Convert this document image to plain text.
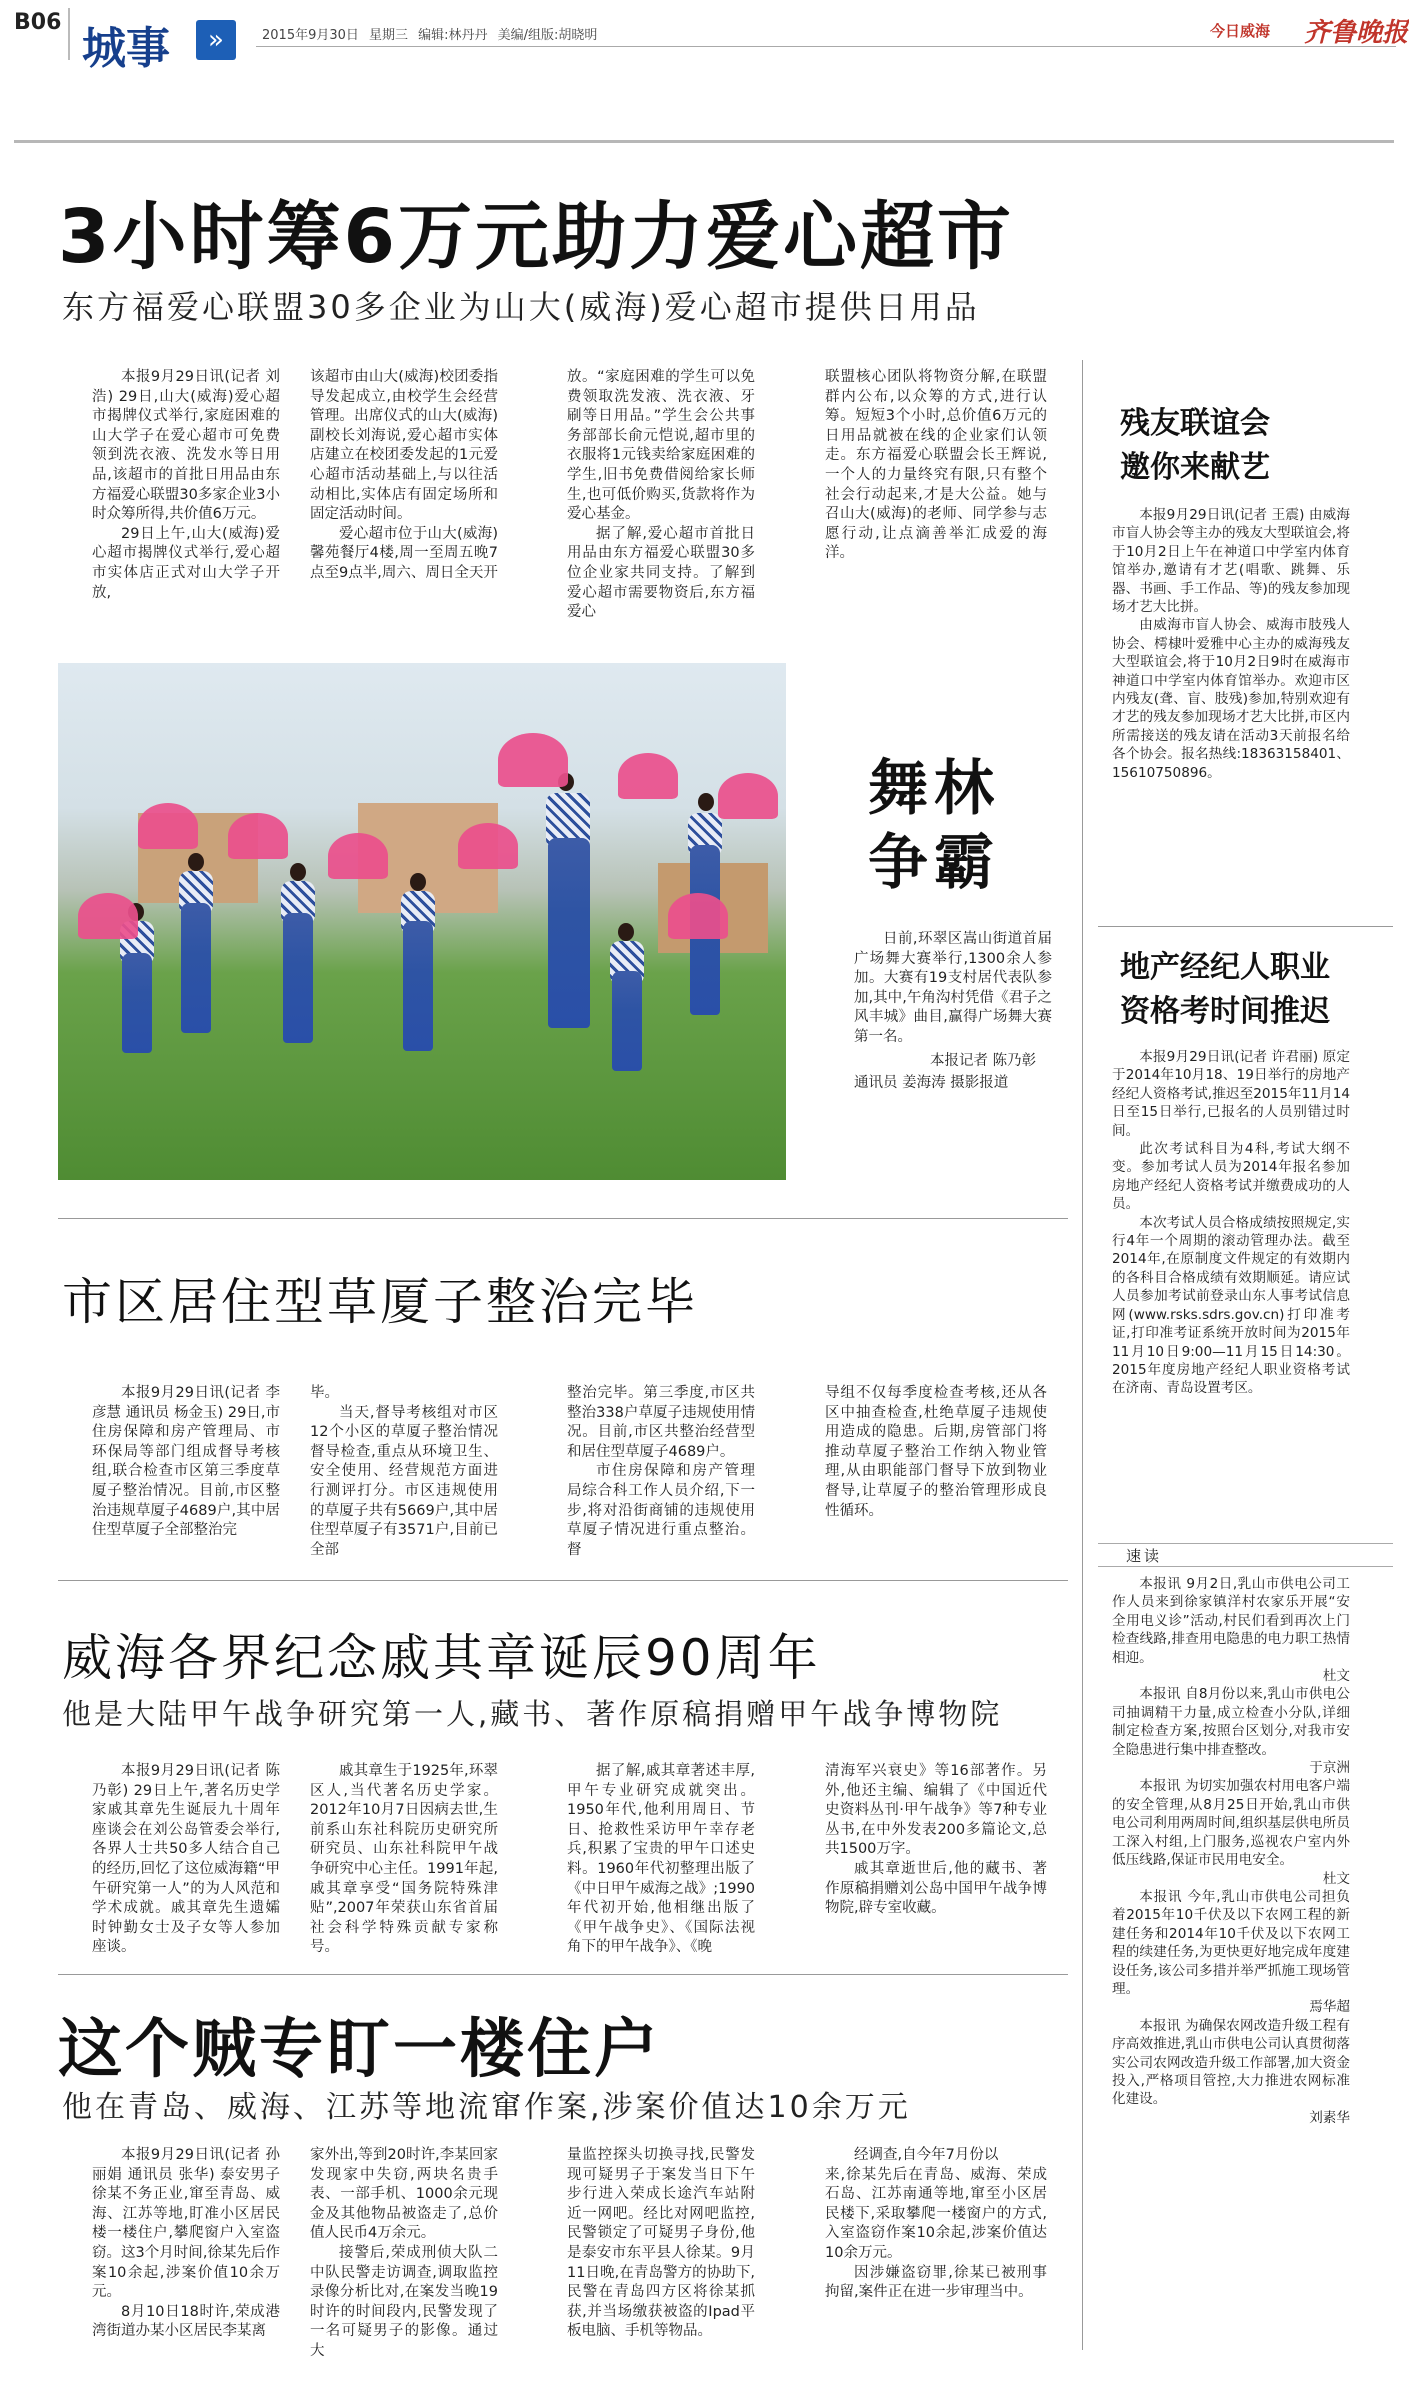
B06
城事	»	2015年9月30日 星期三 编辑:林丹丹 美编/组版:胡晓明	今日威海 齐鲁晚报
3小时筹6万元助力爱心超市
东方福爱心联盟30多企业为山大(威海)爱心超市提供日用品

本报9月29日讯(记者 刘浩) 29日,山大(威海)爱心超市揭牌仪式举行,家庭困难的山大学子在爱心超市可免费领到洗衣液、洗发水等日用品,该超市的首批日用品由东方福爱心联盟30多家企业3小时众筹所得,共价值6万元。

29日上午,山大(威海)爱心超市揭牌仪式举行,爱心超市实体店正式对山大学子开放,

该超市由山大(威海)校团委指导发起成立,由校学生会经营管理。出席仪式的山大(威海)副校长刘海说,爱心超市实体店建立在校团委发起的1元爱心超市活动基础上,与以往活动相比,实体店有固定场所和固定活动时间。

爱心超市位于山大(威海)馨苑餐厅4楼,周一至周五晚7点至9点半,周六、周日全天开

放。“家庭困难的学生可以免费领取洗发液、洗衣液、牙刷等日用品。”学生会公共事务部部长俞元恺说,超市里的衣服将1元钱卖给家庭困难的学生,旧书免费借阅给家长师生,也可低价购买,货款将作为爱心基金。

据了解,爱心超市首批日用品由东方福爱心联盟30多位企业家共同支持。了解到爱心超市需要物资后,东方福爱心

联盟核心团队将物资分解,在联盟群内公布,以众筹的方式,进行认筹。短短3个小时,总价值6万元的日用品就被在线的企业家们认领走。东方福爱心联盟会长王辉说,一个人的力量终究有限,只有整个社会行动起来,才是大公益。她与召山大(威海)的老师、同学参与志愿行动,让点滴善举汇成爱的海洋。

舞林
争霸

日前,环翠区嵩山街道首届广场舞大赛举行,1300余人参加。大赛有19支村居代表队参加,其中,午角沟村凭借《君子之风丰城》曲目,赢得广场舞大赛第一名。

本报记者 陈乃彰
通讯员 姜海涛 摄影报道
市区居住型草厦子整治完毕

本报9月29日讯(记者 李彦慧 通讯员 杨金玉) 29日,市住房保障和房产管理局、市环保局等部门组成督导考核组,联合检查市区第三季度草厦子整治情况。目前,市区整治违规草厦子4689户,其中居住型草厦子全部整治完

毕。

当天,督导考核组对市区12个小区的草厦子整治情况督导检查,重点从环境卫生、安全使用、经营规范方面进行测评打分。市区违规使用的草厦子共有5669户,其中居住型草厦子有3571户,目前已全部

整治完毕。第三季度,市区共整治338户草厦子违规使用情况。目前,市区共整治经营型和居住型草厦子4689户。

市住房保障和房产管理局综合科工作人员介绍,下一步,将对沿街商铺的违规使用草厦子情况进行重点整治。督

导组不仅每季度检查考核,还从各区中抽查检查,杜绝草厦子违规使用造成的隐患。后期,房管部门将推动草厦子整治工作纳入物业管理,从由职能部门督导下放到物业督导,让草厦子的整治管理形成良性循环。

威海各界纪念戚其章诞辰90周年
他是大陆甲午战争研究第一人,藏书、著作原稿捐赠甲午战争博物院

本报9月29日讯(记者 陈乃彰) 29日上午,著名历史学家戚其章先生诞辰九十周年座谈会在刘公岛管委会举行,各界人士共50多人结合自己的经历,回忆了这位威海籍“甲午研究第一人”的为人风范和学术成就。戚其章先生遗孀时钟勤女士及子女等人参加座谈。

戚其章生于1925年,环翠区人,当代著名历史学家。2012年10月7日因病去世,生前系山东社科院历史研究所研究员、山东社科院甲午战争研究中心主任。1991年起,戚其章享受“国务院特殊津贴”,2007年荣获山东省首届社会科学特殊贡献专家称号。

据了解,戚其章著述丰厚,甲午专业研究成就突出。1950年代,他利用周日、节日、抢救性采访甲午幸存老兵,积累了宝贵的甲午口述史料。1960年代初整理出版了《中日甲午威海之战》;1990年代初开始,他相继出版了《甲午战争史》、《国际法视角下的甲午战争》、《晚

清海军兴衰史》等16部著作。另外,他还主编、编辑了《中国近代史资料丛刊·甲午战争》等7种专业丛书,在中外发表200多篇论文,总共1500万字。

戚其章逝世后,他的藏书、著作原稿捐赠刘公岛中国甲午战争博物院,辟专室收藏。

这个贼专盯一楼住户
他在青岛、威海、江苏等地流窜作案,涉案价值达10余万元

本报9月29日讯(记者 孙丽娟 通讯员 张华) 泰安男子徐某不务正业,窜至青岛、威海、江苏等地,盯准小区居民楼一楼住户,攀爬窗户入室盗窃。这3个月时间,徐某先后作案10余起,涉案价值10余万元。

8月10日18时许,荣成港湾街道办某小区居民李某离

家外出,等到20时许,李某回家发现家中失窃,两块名贵手表、一部手机、1000余元现金及其他物品被盗走了,总价值人民币4万余元。

接警后,荣成刑侦大队二中队民警走访调查,调取监控录像分析比对,在案发当晚19时许的时间段内,民警发现了一名可疑男子的影像。通过大

量监控探头切换寻找,民警发现可疑男子于案发当日下午步行进入荣成长途汽车站附近一网吧。经比对网吧监控,民警锁定了可疑男子身份,他是泰安市东平县人徐某。9月11日晚,在青岛警方的协助下,民警在青岛四方区将徐某抓获,并当场缴获被盗的Ipad平板电脑、手机等物品。

经调查,自今年7月份以

来,徐某先后在青岛、威海、荣成石岛、江苏南通等地,窜至小区居民楼下,采取攀爬一楼窗户的方式,入室盗窃作案10余起,涉案价值达10余万元。

因涉嫌盗窃罪,徐某已被刑事拘留,案件正在进一步审理当中。

残友联谊会
邀你来献艺

本报9月29日讯(记者 王震) 由威海市盲人协会等主办的残友大型联谊会,将于10月2日上午在神道口中学室内体育馆举办,邀请有才艺(唱歌、跳舞、乐器、书画、手工作品、等)的残友参加现场才艺大比拼。

由威海市盲人协会、威海市肢残人协会、樗棣叶爱雅中心主办的威海残友大型联谊会,将于10月2日9时在威海市神道口中学室内体育馆举办。欢迎市区内残友(聋、盲、肢残)参加,特别欢迎有才艺的残友参加现场才艺大比拼,市区内所需接送的残友请在活动3天前报名给各个协会。报名热线:18363158401、15610750896。

地产经纪人职业
资格考时间推迟

本报9月29日讯(记者 许君丽) 原定于2014年10月18、19日举行的房地产经纪人资格考试,推迟至2015年11月14日至15日举行,已报名的人员别错过时间。

此次考试科目为4科,考试大纲不变。参加考试人员为2014年报名参加房地产经纪人资格考试并缴费成功的人员。

本次考试人员合格成绩按照规定,实行4年一个周期的滚动管理办法。截至2014年,在原制度文件规定的有效期内的各科目合格成绩有效期顺延。请应试人员参加考试前登录山东人事考试信息网(www.rsks.sdrs.gov.cn)打印准考证,打印准考证系统开放时间为2015年11月10日9:00—11月15日14:30。2015年度房地产经纪人职业资格考试在济南、青岛设置考区。

速读

本报讯 9月2日,乳山市供电公司工作人员来到徐家镇洋村农家乐开展“安全用电义诊”活动,村民们看到再次上门检查线路,排查用电隐患的电力职工热情相迎。

杜文

本报讯 自8月份以来,乳山市供电公司抽调精干力量,成立检查小分队,详细制定检查方案,按照台区划分,对我市安全隐患进行集中排查整改。

于京洲

本报讯 为切实加强农村用电客户端的安全管理,从8月25日开始,乳山市供电公司利用两周时间,组织基层供电所员工深入村组,上门服务,巡视农户室内外低压线路,保证市民用电安全。

杜文

本报讯 今年,乳山市供电公司担负着2015年10千伏及以下农网工程的新建任务和2014年10千伏及以下农网工程的续建任务,为更快更好地完成年度建设任务,该公司多措并举严抓施工现场管理。

焉华超

本报讯 为确保农网改造升级工程有序高效推进,乳山市供电公司认真贯彻落实公司农网改造升级工作部署,加大资金投入,严格项目管控,大力推进农网标准化建设。

刘素华
